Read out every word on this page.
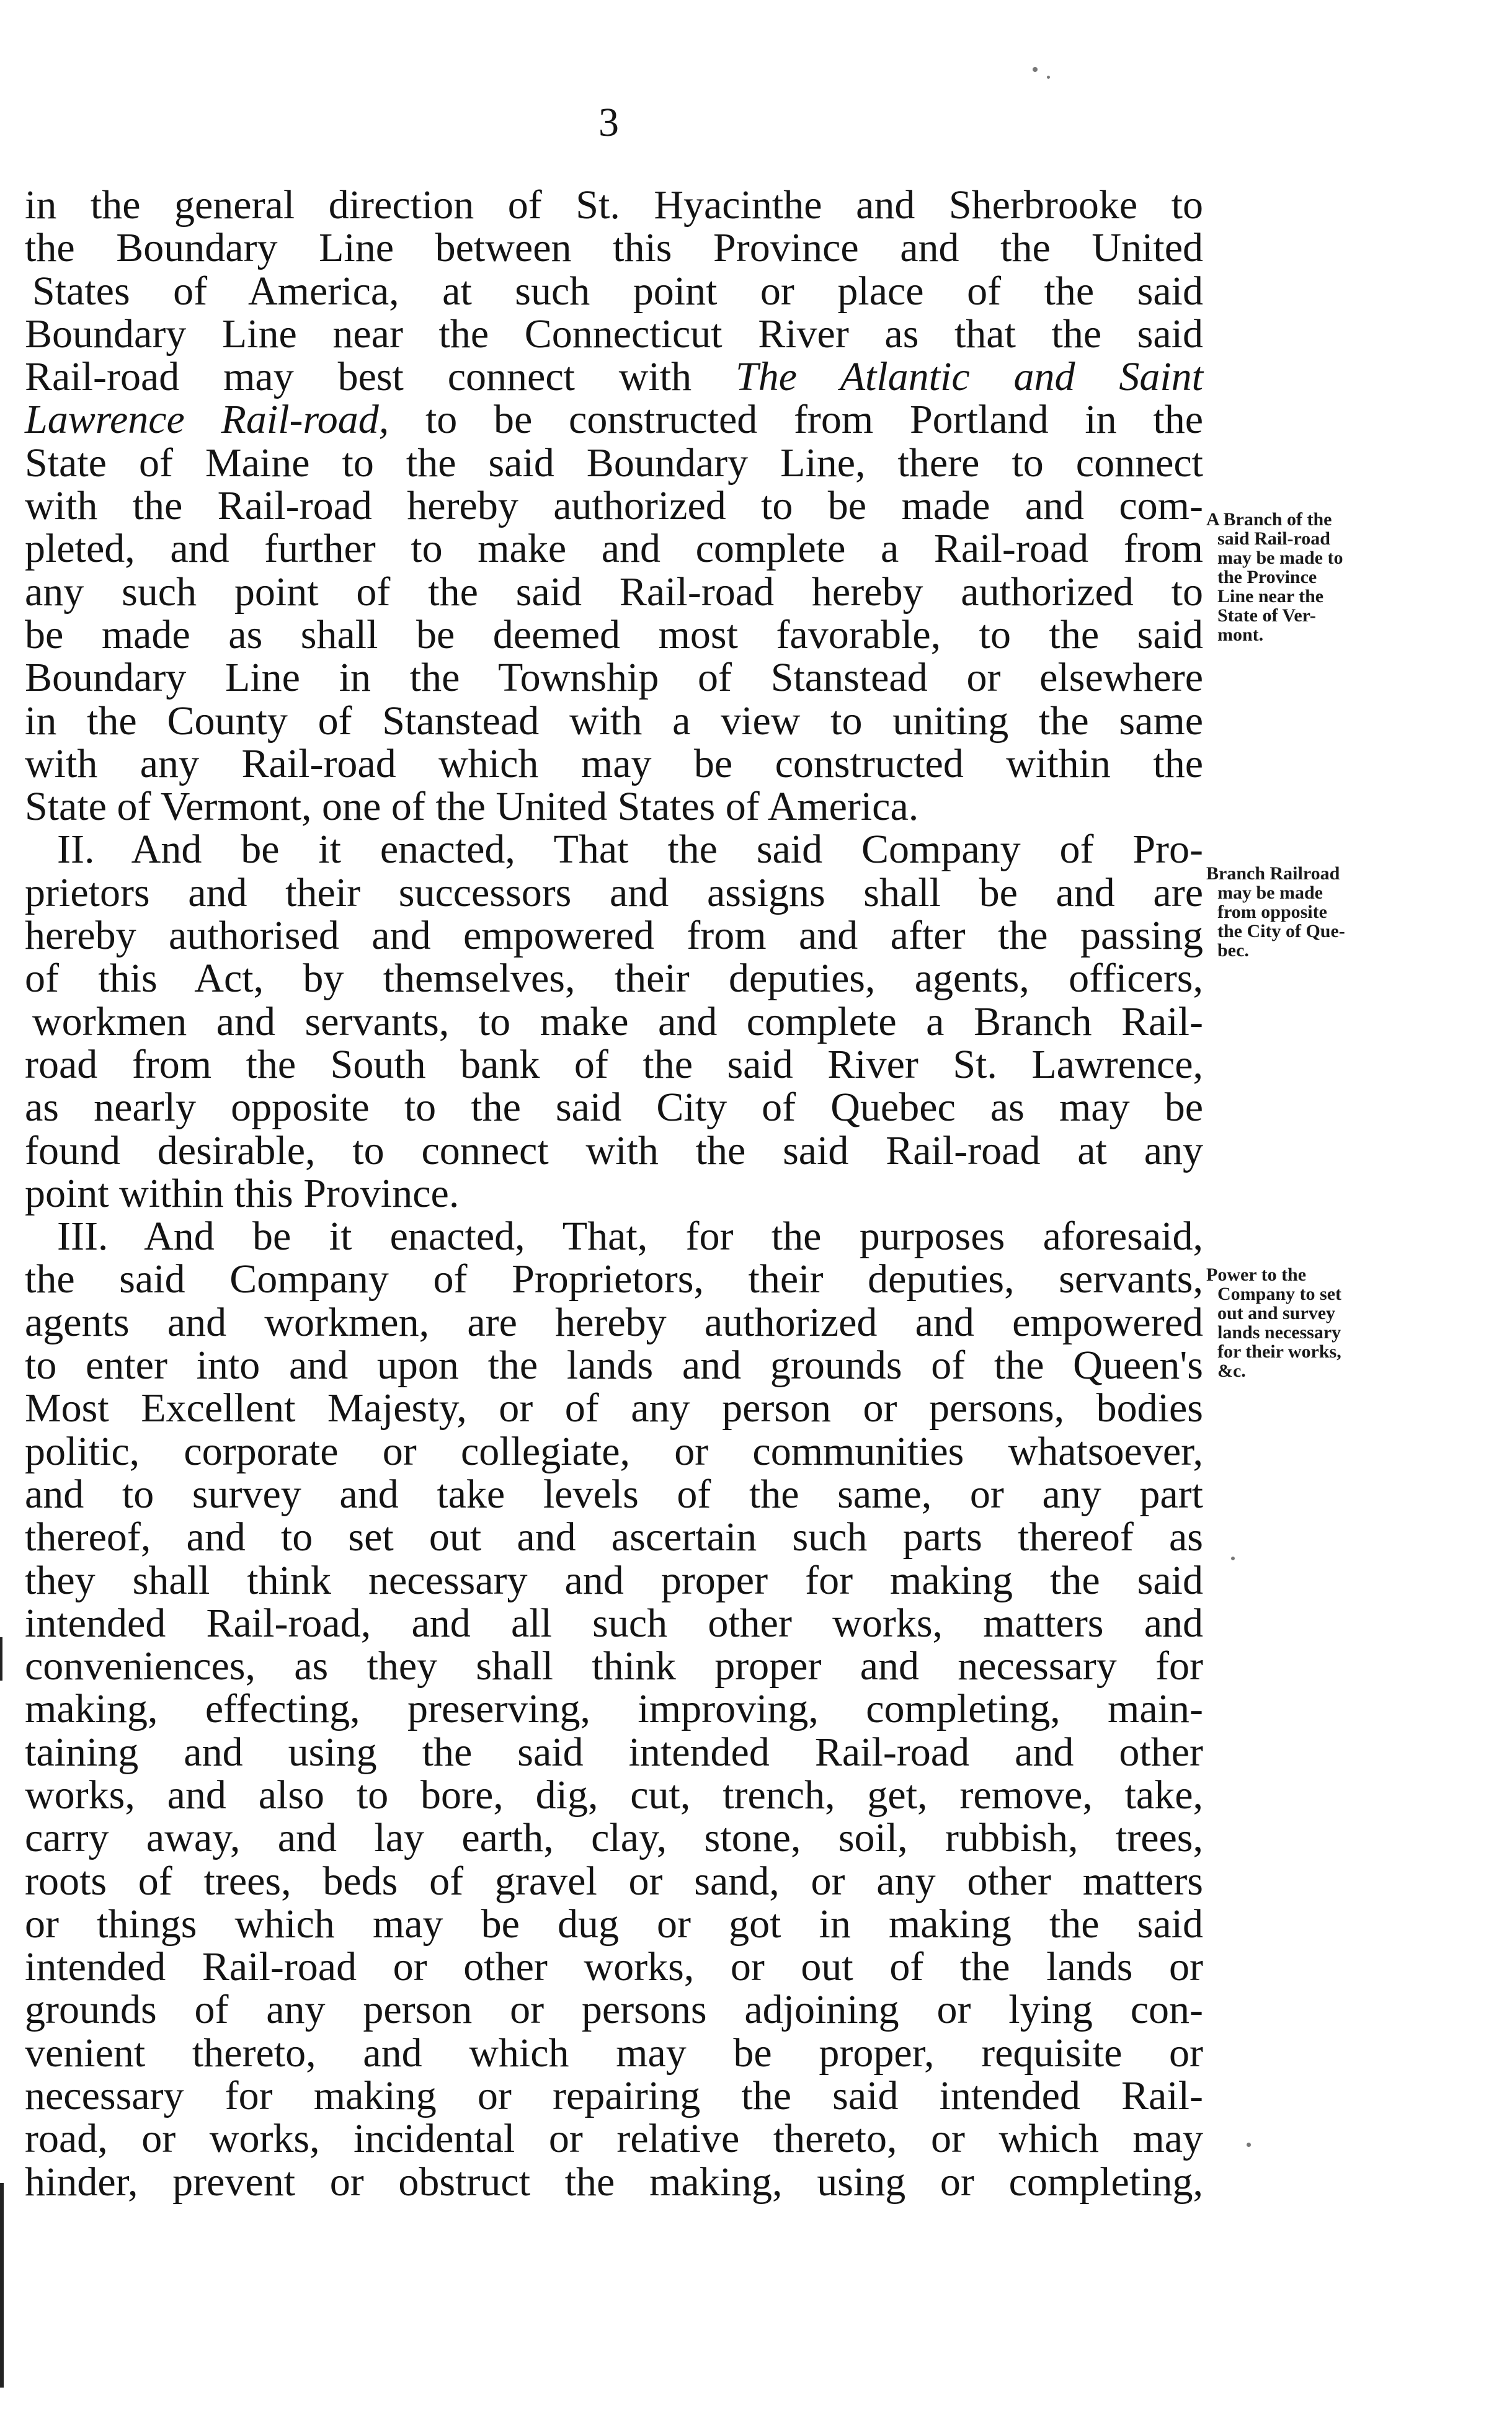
3
in the general direction of St. Hyacinthe and Sherbrooke to
the Boundary Line between this Province and the United
States of America, at such point or place of the said
Boundary Line near the Connecticut River as that the said
Rail-road may best connect with The Atlantic and Saint
Lawrence Rail-road, to be constructed from Portland in the
State of Maine to the said Boundary Line, there to connect
with the Rail-road hereby authorized to be made and com-
pleted, and further to make and complete a Rail-road from
any such point of the said Rail-road hereby authorized to
be made as shall be deemed most favorable, to the said
Boundary Line in the Township of Stanstead or elsewhere
in the County of Stanstead with a view to uniting the same
with any Rail-road which may be constructed within the
State of Vermont, one of the United States of America.
II. And be it enacted, That the said Company of Pro-
prietors and their successors and assigns shall be and are
hereby authorised and empowered from and after the passing
of this Act, by themselves, their deputies, agents, officers,
workmen and servants, to make and complete a Branch Rail-
road from the South bank of the said River St. Lawrence,
as nearly opposite to the said City of Quebec as may be
found desirable, to connect with the said Rail-road at any
point within this Province.
III. And be it enacted, That, for the purposes aforesaid,
the said Company of Proprietors, their deputies, servants,
agents and workmen, are hereby authorized and empowered
to enter into and upon the lands and grounds of the Queen's
Most Excellent Majesty, or of any person or persons, bodies
politic, corporate or collegiate, or communities whatsoever,
and to survey and take levels of the same, or any part
thereof, and to set out and ascertain such parts thereof as
they shall think necessary and proper for making the said
intended Rail-road, and all such other works, matters and
conveniences, as they shall think proper and necessary for
making, effecting, preserving, improving, completing, main-
taining and using the said intended Rail-road and other
works, and also to bore, dig, cut, trench, get, remove, take,
carry away, and lay earth, clay, stone, soil, rubbish, trees,
roots of trees, beds of gravel or sand, or any other matters
or things which may be dug or got in making the said
intended Rail-road or other works, or out of the lands or
grounds of any person or persons adjoining or lying con-
venient thereto, and which may be proper, requisite or
necessary for making or repairing the said intended Rail-
road, or works, incidental or relative thereto, or which may
hinder, prevent or obstruct the making, using or completing,
A Branch of the
said Rail-road
may be made to
the Province
Line near the
State of Ver-
mont.
Branch Railroad
may be made
from opposite
the City of Que-
bec.
Power to the
Company to set
out and survey
lands necessary
for their works,
&c.
